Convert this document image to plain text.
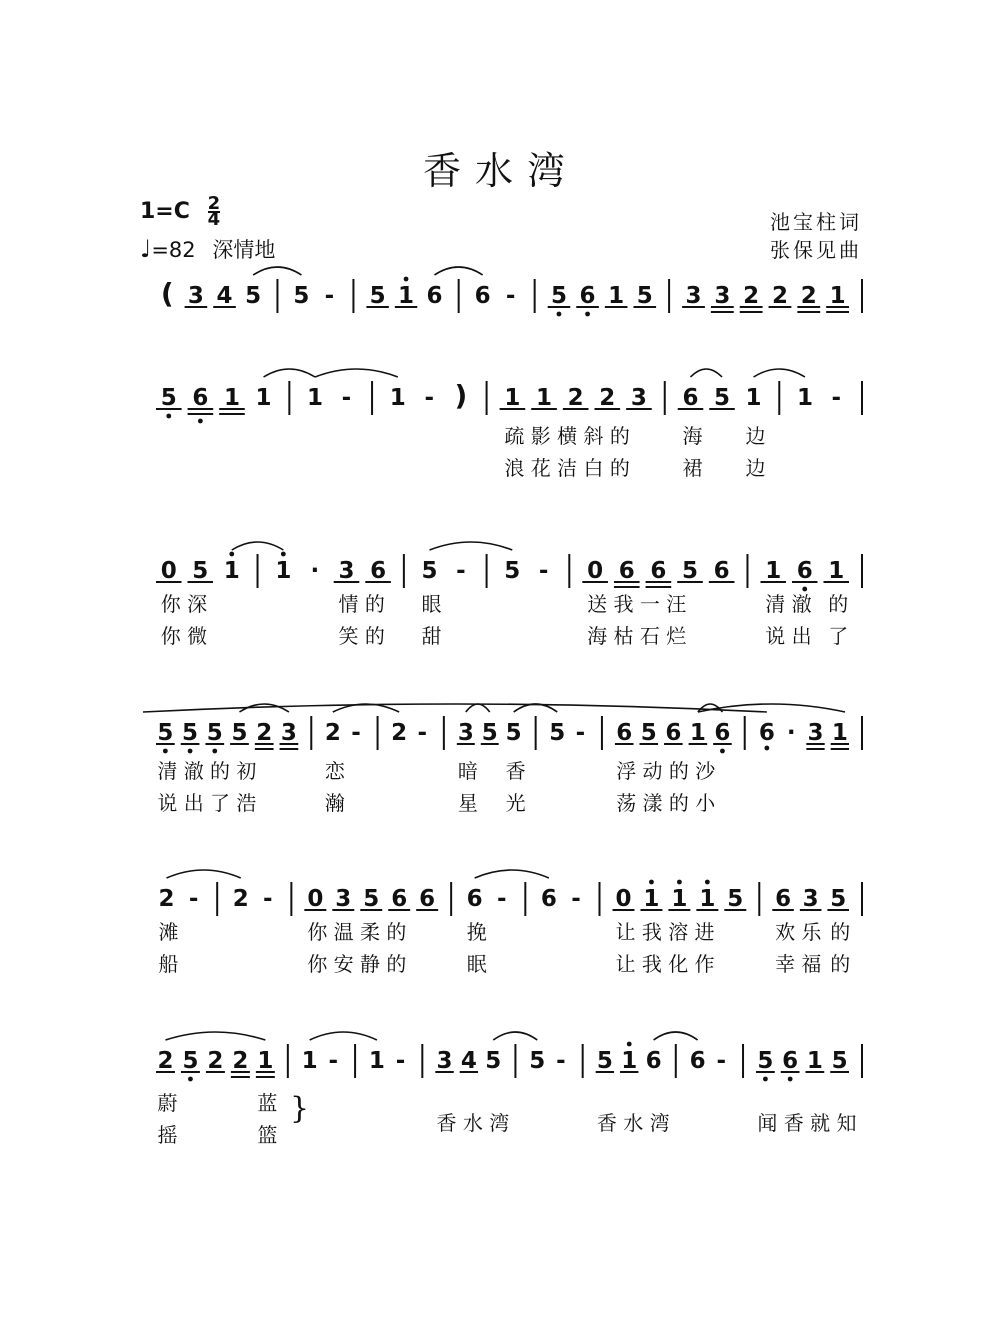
香水湾
$1=C \frac{2}{4}$
♩=82 深情地
池宝柱词
张保见曲
( 3 4 5 5 - 5 1 6 6 - 5 6 1 5 3 3 2 2 2 1
5 6 1 1 1 - 1 - ) 1 1 2 2 3 6 5 1 1 -
疏 影 横 斜 的	海 边
浪 花 洁 白 的	裙 边
0 5 1 1 · 3 6 5 - 5 - 0 6 6 5 6 1 6 1
你 深	情 的 眼	送 我 一 汪	清 澈 的
你 微	笑 的 甜	海 枯 石 烂	说 出 了
5 5 5 5 2 3 2 - 2 - 3 5 5 5 - 6 5 6 1 6 6 · 3 1
清 澈 的 初	恋	暗 香	浮 动 的 沙
说 出 了 浩	瀚	星 光	荡 漾 的 小
2 - 2 - 0 3 5 6 6 6 - 6 - 0 1 1 1 5 6 3 5
滩	你 温 柔 的	挽	让 我 溶 进	欢 乐 的
船	你 安 静 的	眠	让 我 化 作	幸 福 的
2 5 2 2 1 1 - 1 - 3 4 5 5 - 5 1 6 6 - 5 6 1 5
蔚	蓝
摇	篮	香 水 湾	香 水 湾	闻 香 就 知
}
